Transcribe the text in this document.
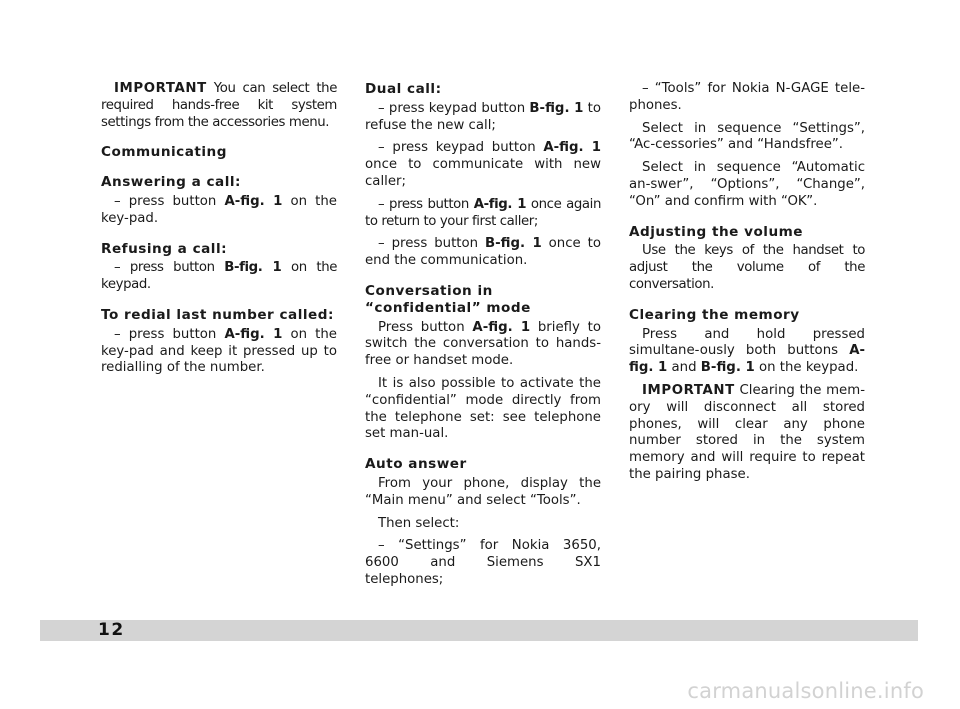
IMPORTANT You can select the required hands-free kit system settings from the accessories menu.

Communicating
Answering a call:

– press button A-fig. 1 on the key-pad.

Refusing a call:

– press button B-fig. 1 on the keypad.

To redial last number called:

– press button A-fig. 1 on the key-pad and keep it pressed up to redialling of the number.

Dual call:

– press keypad button B-fig. 1 to refuse the new call;

– press keypad button A-fig. 1 once to communicate with new caller;

– press button A-fig. 1 once again to return to your first caller;

– press button B-fig. 1 once to end the communication.

Conversation in “confidential” mode

Press button A-fig. 1 briefly to switch the conversation to hands-free or handset mode.

It is also possible to activate the “confidential” mode directly from the telephone set: see telephone set man-ual.

Auto answer

From your phone, display the “Main menu” and select “Tools”.

Then select:

– “Settings” for Nokia 3650, 6600 and Siemens SX1 telephones;

– “Tools” for Nokia N-GAGE tele-phones.

Select in sequence “Settings”, “Ac-cessories” and “Handsfree”.

Select in sequence “Automatic an-swer”, “Options”, “Change”, “On” and confirm with “OK”.

Adjusting the volume

Use the keys of the handset to adjust the volume of the conversation.

Clearing the memory

Press and hold pressed simultane-ously both buttons A-fig. 1 and B-fig. 1 on the keypad.

IMPORTANT Clearing the mem-ory will disconnect all stored phones, will clear any phone number stored in the system memory and will require to repeat the pairing phase.

12
carmanualsonline.info
